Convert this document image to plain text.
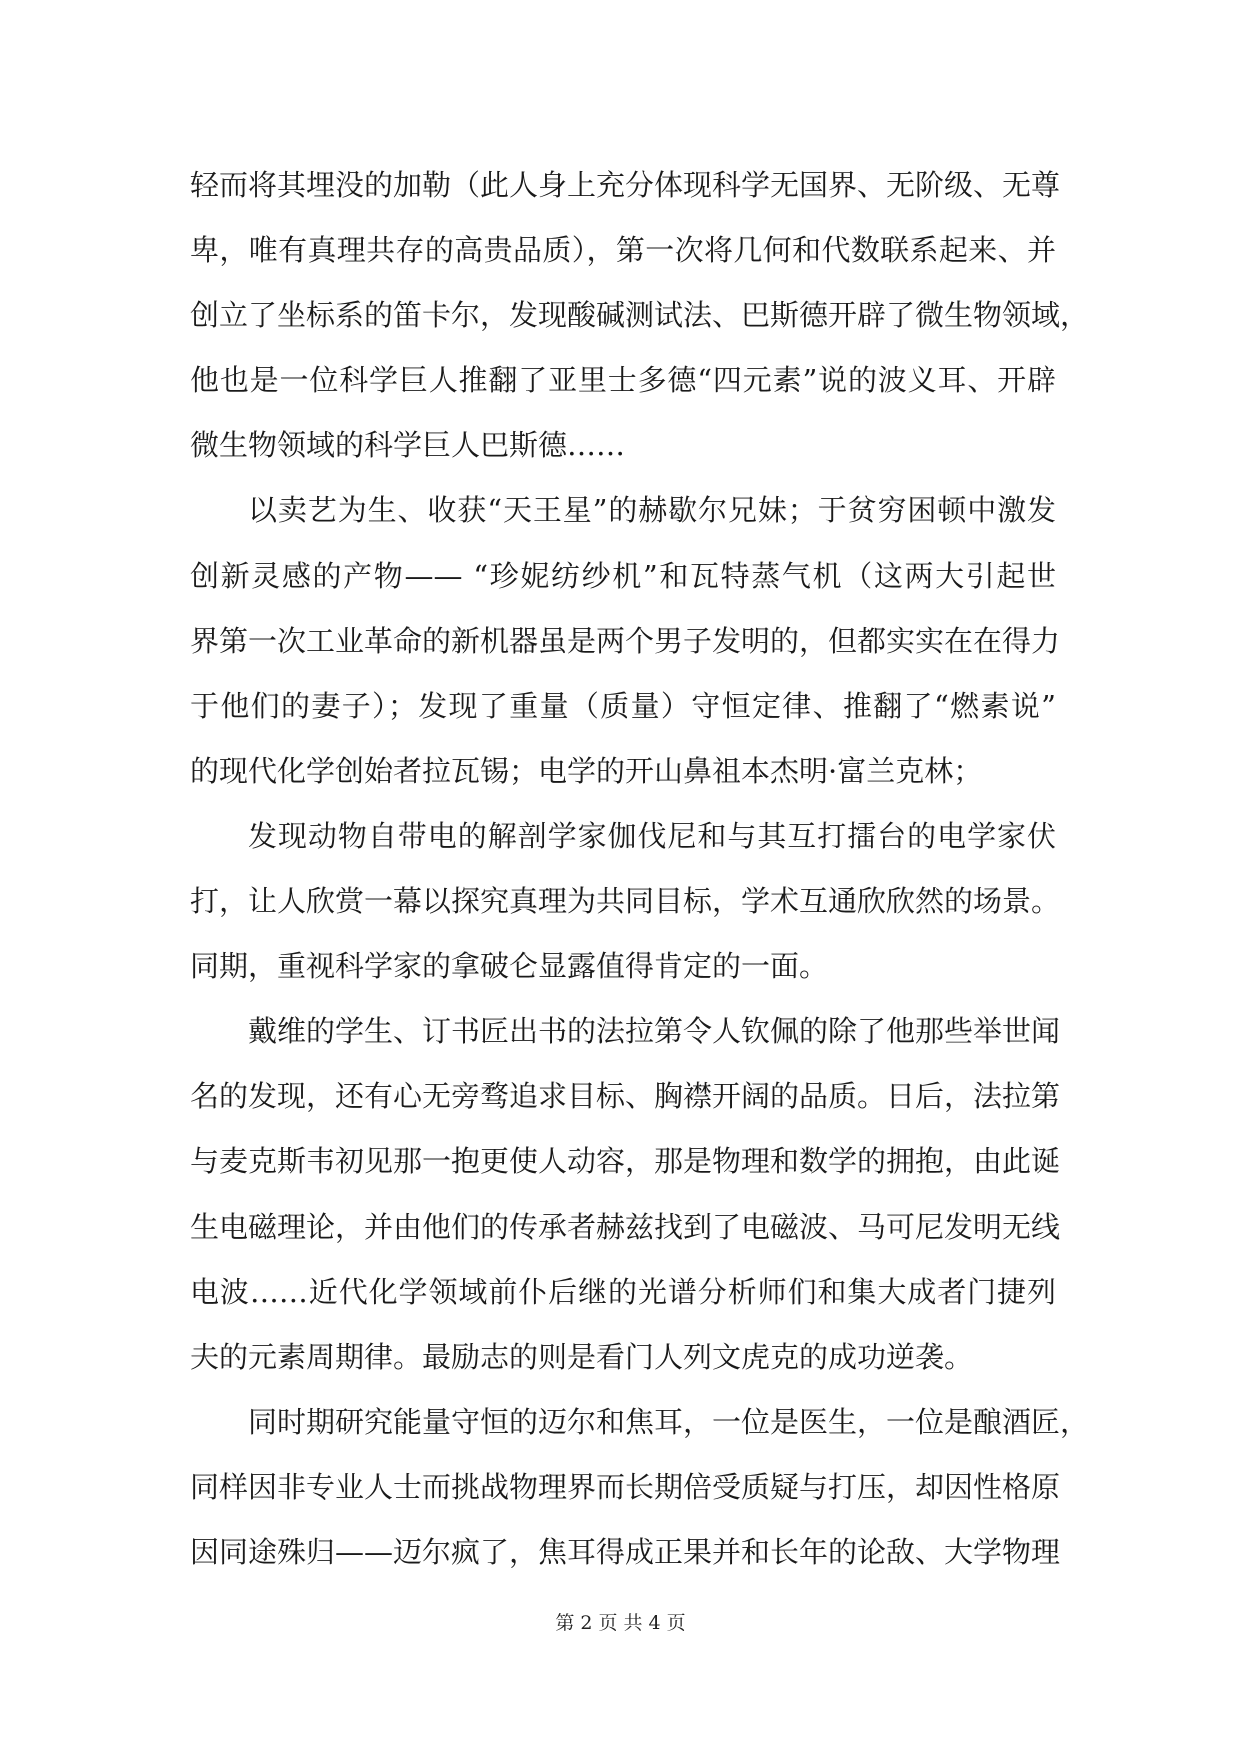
轻而将其埋没的加勒（此人身上充分体现科学无国界、无阶级、无尊
卑，唯有真理共存的高贵品质），第一次将几何和代数联系起来、并
创立了坐标系的笛卡尔，发现酸碱测试法、巴斯德开辟了微生物领域，
他也是一位科学巨人推翻了亚里士多德“四元素”说的波义耳、开辟
微生物领域的科学巨人巴斯德……
以卖艺为生、收获“天王星”的赫歇尔兄妹；于贫穷困顿中激发
创新灵感的产物—— “珍妮纺纱机”和瓦特蒸气机（这两大引起世
界第一次工业革命的新机器虽是两个男子发明的，但都实实在在得力
于他们的妻子）；发现了重量（质量）守恒定律、推翻了“燃素说”
的现代化学创始者拉瓦锡；电学的开山鼻祖本杰明·富兰克林；
发现动物自带电的解剖学家伽伐尼和与其互打擂台的电学家伏
打，让人欣赏一幕以探究真理为共同目标，学术互通欣欣然的场景。
同期，重视科学家的拿破仑显露值得肯定的一面。
戴维的学生、订书匠出书的法拉第令人钦佩的除了他那些举世闻
名的发现，还有心无旁骛追求目标、胸襟开阔的品质。日后，法拉第
与麦克斯韦初见那一抱更使人动容，那是物理和数学的拥抱，由此诞
生电磁理论，并由他们的传承者赫兹找到了电磁波、马可尼发明无线
电波……近代化学领域前仆后继的光谱分析师们和集大成者门捷列
夫的元素周期律。最励志的则是看门人列文虎克的成功逆袭。
同时期研究能量守恒的迈尔和焦耳，一位是医生，一位是酿酒匠，
同样因非专业人士而挑战物理界而长期倍受质疑与打压，却因性格原
因同途殊归——迈尔疯了，焦耳得成正果并和长年的论敌、大学物理
第 2 页 共 4 页
